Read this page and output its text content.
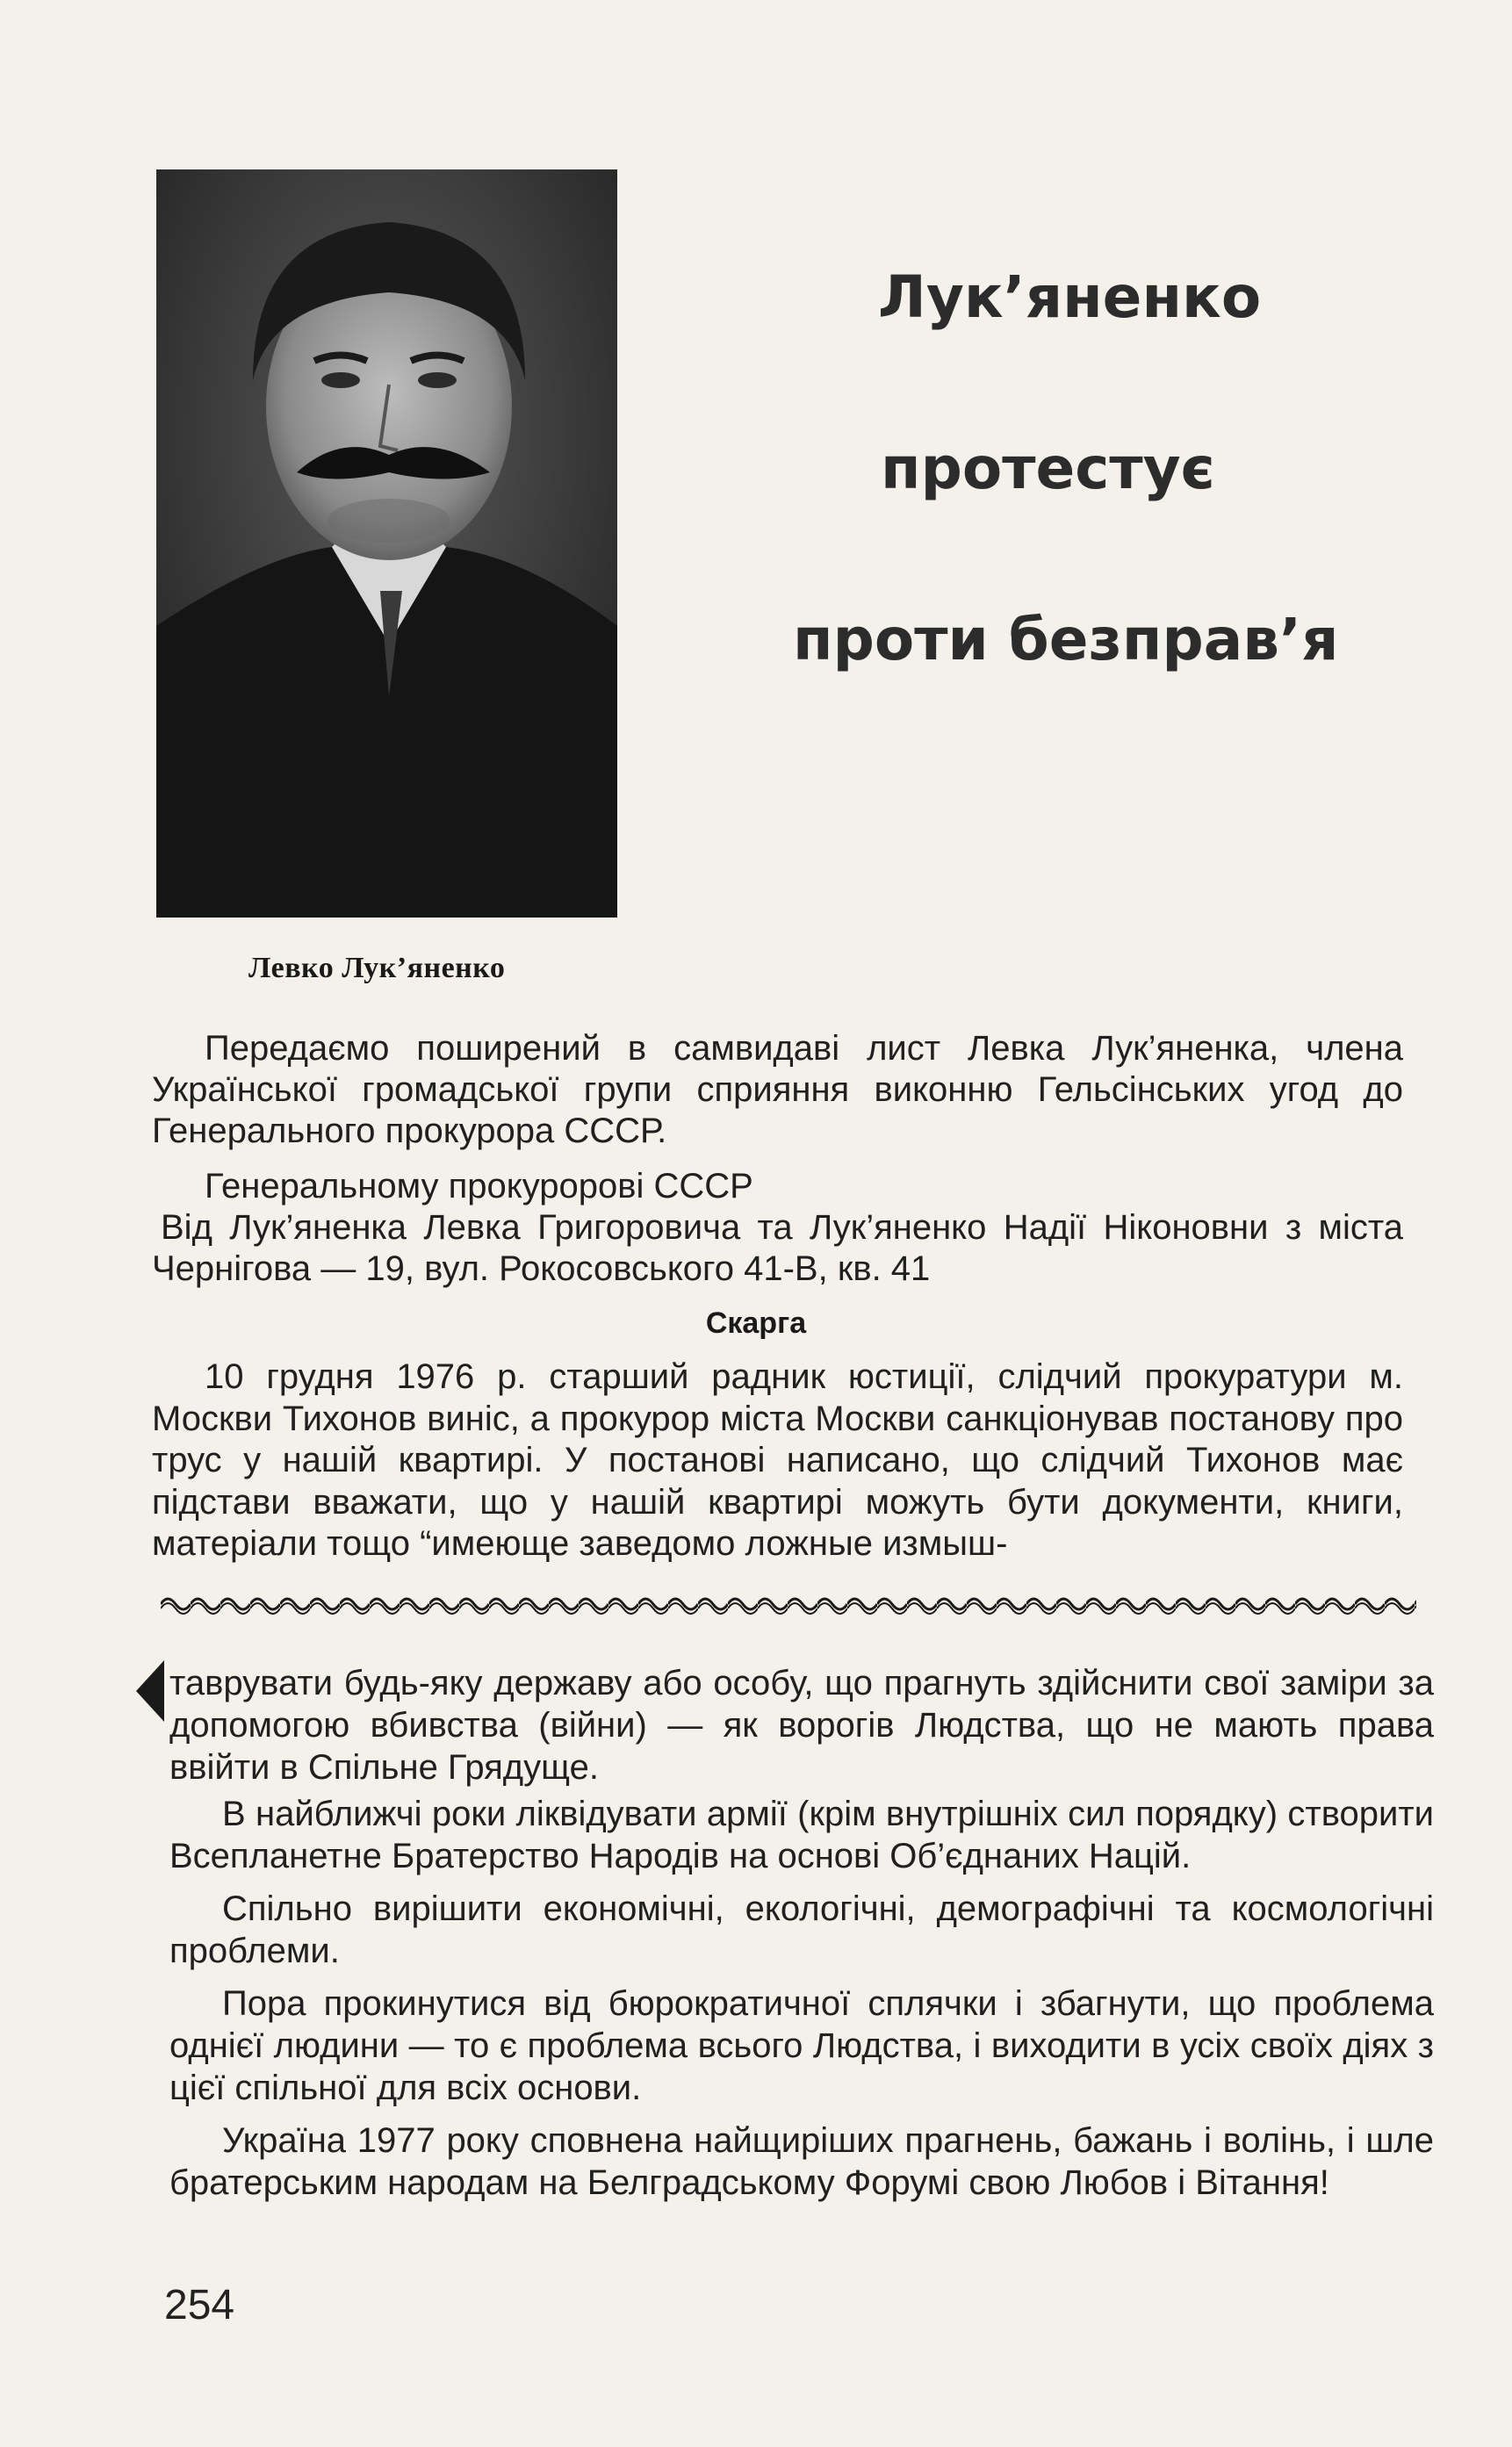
Левко Лук’яненко
Лук’яненко
протестує
проти безправ’я

Передаємо поширений в самвидаві лист Левка Лук’яненка, члена Української громадської групи сприяння виконню Гельсінських угод до Генерального прокурора СССР.

Генеральному прокуророві СССР

Від Лук’яненка Левка Григоровича та Лук’яненко Надії Ніконовни з міста Чернігова — 19, вул. Рокосовського 41-В, кв. 41

Скарга

10 грудня 1976 р. старший радник юстиції, слідчий прокуратури м. Москви Тихонов виніс, а прокурор міста Москви санкціонував постанову про трус у нашій квартирі. У постанові написано, що слідчий Тихонов має підстави вважати, що у нашій квартирі можуть бути документи, книги, матеріали тощо “имеюще заведомо ложные измыш-

таврувати будь-яку державу або особу, що прагнуть здійснити свої заміри за допомогою вбивства (війни) — як ворогів Людства, що не мають права ввійти в Спільне Грядуще.

В найближчі роки ліквідувати армії (крім внутрішніх сил порядку) створити Всепланетне Братерство Народів на основі Об’єднаних Націй.

Спільно вирішити економічні, екологічні, демографічні та космологічні проблеми.

Пора прокинутися від бюрократичної сплячки і збагнути, що проблема однієї людини — то є проблема всього Людства, і виходити в усіх своїх діях з цієї спільної для всіх основи.

Україна 1977 року сповнена найщиріших прагнень, бажань і волінь, і шле братерським народам на Белградському Форумі свою Любов і Вітання!

254
